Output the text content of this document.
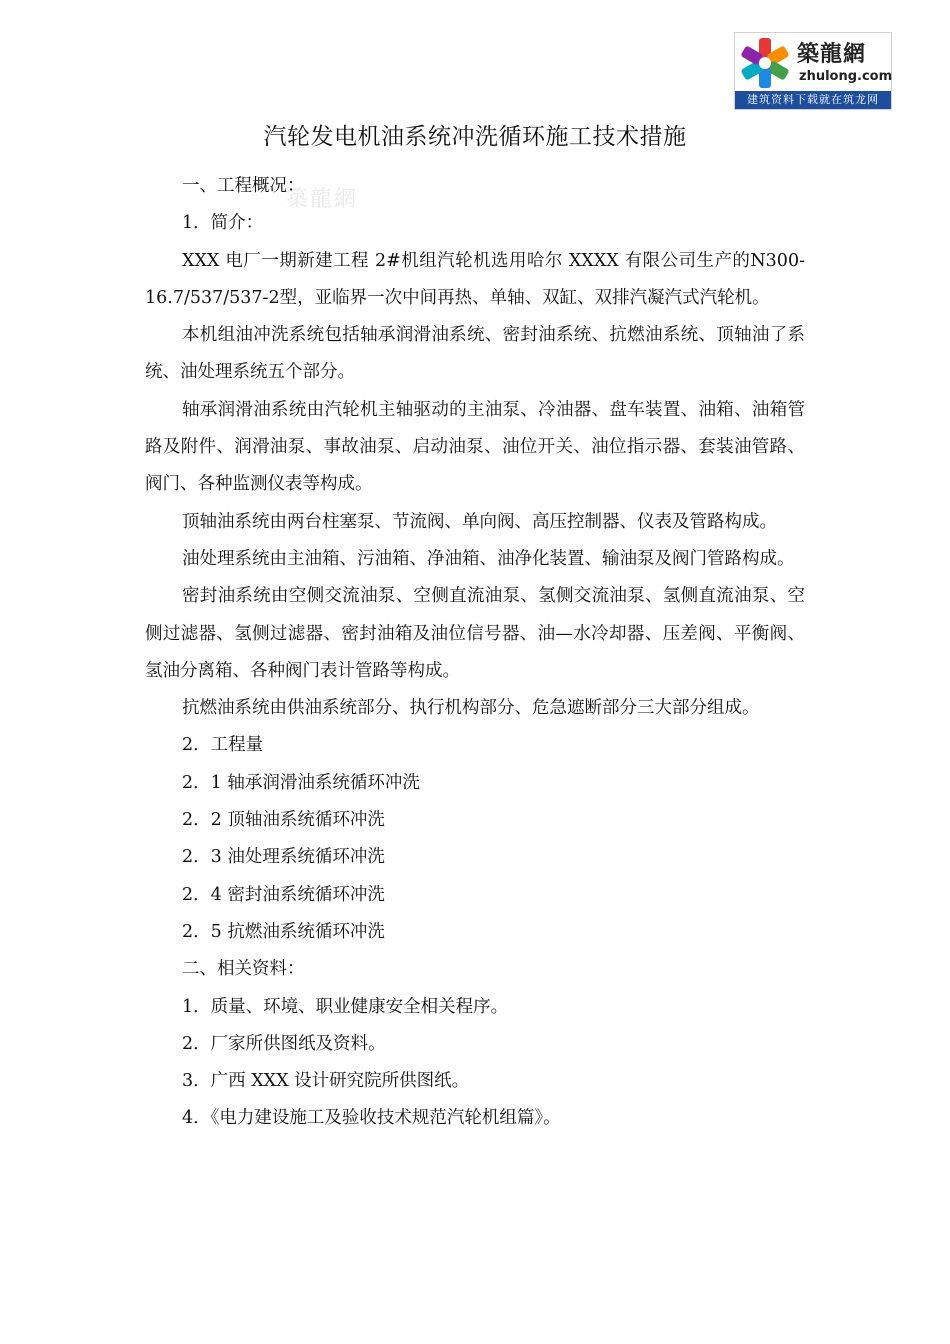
築龍網
zhulong.com
建筑资料下载就在筑龙网
築龍網
汽轮发电机油系统冲洗循环施工技术措施

一、工程概况：

1．简介：

XXX 电厂一期新建工程 2#机组汽轮机选用哈尔 XXXX 有限公司生产的N300-16.7/537/537-2型，亚临界一次中间再热、单轴、双缸、双排汽凝汽式汽轮机。

本机组油冲洗系统包括轴承润滑油系统、密封油系统、抗燃油系统、顶轴油了系统、油处理系统五个部分。

轴承润滑油系统由汽轮机主轴驱动的主油泵、冷油器、盘车装置、油箱、油箱管路及附件、润滑油泵、事故油泵、启动油泵、油位开关、油位指示器、套装油管路、阀门、各种监测仪表等构成。

顶轴油系统由两台柱塞泵、节流阀、单向阀、高压控制器、仪表及管路构成。

油处理系统由主油箱、污油箱、净油箱、油净化装置、输油泵及阀门管路构成。

密封油系统由空侧交流油泵、空侧直流油泵、氢侧交流油泵、氢侧直流油泵、空侧过滤器、氢侧过滤器、密封油箱及油位信号器、油—水冷却器、压差阀、平衡阀、氢油分离箱、各种阀门表计管路等构成。

抗燃油系统由供油系统部分、执行机构部分、危急遮断部分三大部分组成。

2．工程量

2．1 轴承润滑油系统循环冲洗

2．2 顶轴油系统循环冲洗

2．3 油处理系统循环冲洗

2．4 密封油系统循环冲洗

2．5 抗燃油系统循环冲洗

二、相关资料：

1．质量、环境、职业健康安全相关程序。

2．厂家所供图纸及资料。

3．广西 XXX 设计研究院所供图纸。

4．《电力建设施工及验收技术规范汽轮机组篇》。
